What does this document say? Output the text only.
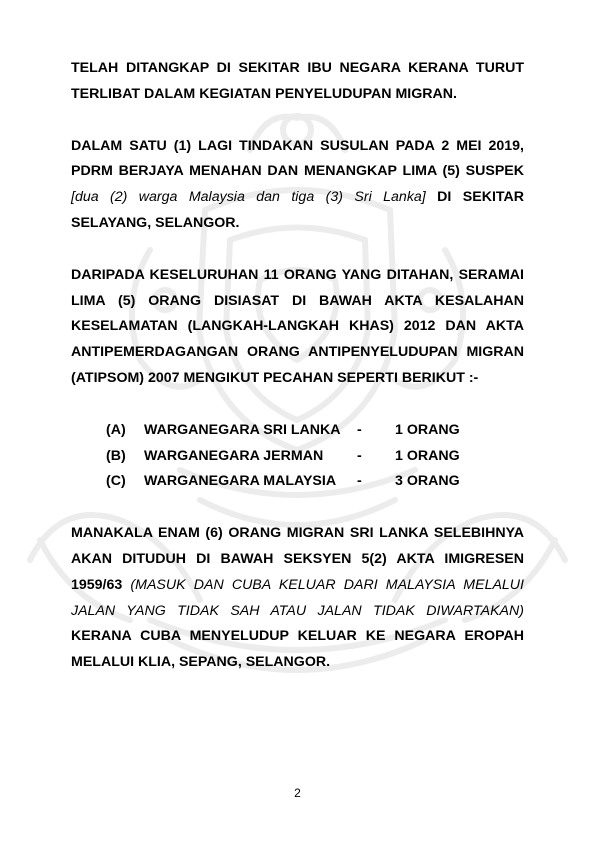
TELAH DITANGKAP DI SEKITAR IBU NEGARA KERANA TURUT TERLIBAT DALAM KEGIATAN PENYELUDUPAN MIGRAN.

DALAM SATU (1) LAGI TINDAKAN SUSULAN PADA 2 MEI 2019, PDRM BERJAYA MENAHAN DAN MENANGKAP LIMA (5) SUSPEK [dua (2) warga Malaysia dan tiga (3) Sri Lanka] DI SEKITAR SELAYANG, SELANGOR.

DARIPADA KESELURUHAN 11 ORANG YANG DITAHAN, SERAMAI LIMA (5) ORANG DISIASAT DI BAWAH AKTA KESALAHAN KESELAMATAN (LANGKAH-LANGKAH KHAS) 2012 DAN AKTA ANTIPEMERDAGANGAN ORANG ANTIPENYELUDUPAN MIGRAN (ATIPSOM) 2007 MENGIKUT PECAHAN SEPERTI BERIKUT :-

(A) WARGANEGARA SRI LANKA - 1 ORANG
(B) WARGANEGARA JERMAN - 1 ORANG
(C) WARGANEGARA MALAYSIA - 3 ORANG

MANAKALA ENAM (6) ORANG MIGRAN SRI LANKA SELEBIHNYA AKAN DITUDUH DI BAWAH SEKSYEN 5(2) AKTA IMIGRESEN 1959/63 (MASUK DAN CUBA KELUAR DARI MALAYSIA MELALUI JALAN YANG TIDAK SAH ATAU JALAN TIDAK DIWARTAKAN) KERANA CUBA MENYELUDUP KELUAR KE NEGARA EROPAH MELALUI KLIA, SEPANG, SELANGOR.

2
